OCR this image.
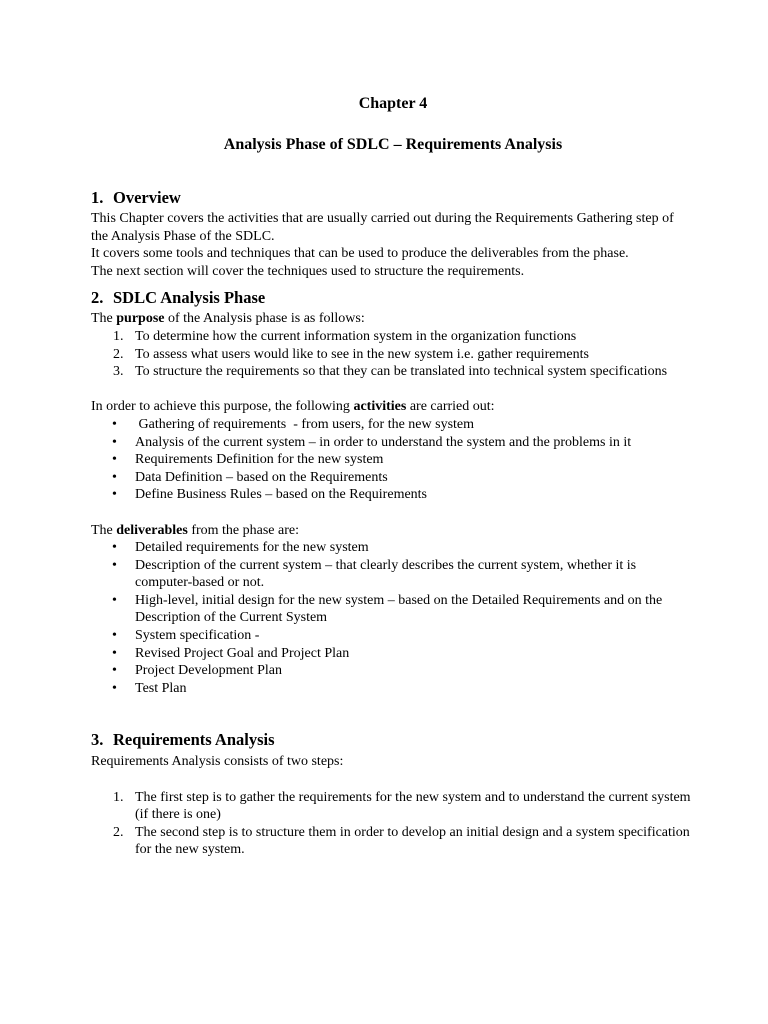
Chapter 4

Analysis Phase of SDLC – Requirements Analysis

1. Overview

This Chapter covers the activities that are usually carried out during the Requirements Gathering step of the Analysis Phase of the SDLC.

It covers some tools and techniques that can be used to produce the deliverables from the phase.

The next section will cover the techniques used to structure the requirements.

2. SDLC Analysis Phase

The purpose of the Analysis phase is as follows:

1. To determine how the current information system in the organization functions
2. To assess what users would like to see in the new system i.e. gather requirements
3. To structure the requirements so that they can be translated into technical system specifications

In order to achieve this purpose, the following activities are carried out:

• Gathering of requirements  - from users, for the new system
• Analysis of the current system – in order to understand the system and the problems in it
• Requirements Definition for the new system
• Data Definition – based on the Requirements
• Define Business Rules – based on the Requirements

The deliverables from the phase are:

• Detailed requirements for the new system
• Description of the current system – that clearly describes the current system, whether it is computer-based or not.
• High-level, initial design for the new system – based on the Detailed Requirements and on the Description of the Current System
• System specification -
• Revised Project Goal and Project Plan
• Project Development Plan
• Test Plan
3. Requirements Analysis

Requirements Analysis consists of two steps:

1. The first step is to gather the requirements for the new system and to understand the current system (if there is one)
2. The second step is to structure them in order to develop an initial design and a system specification for the new system.
